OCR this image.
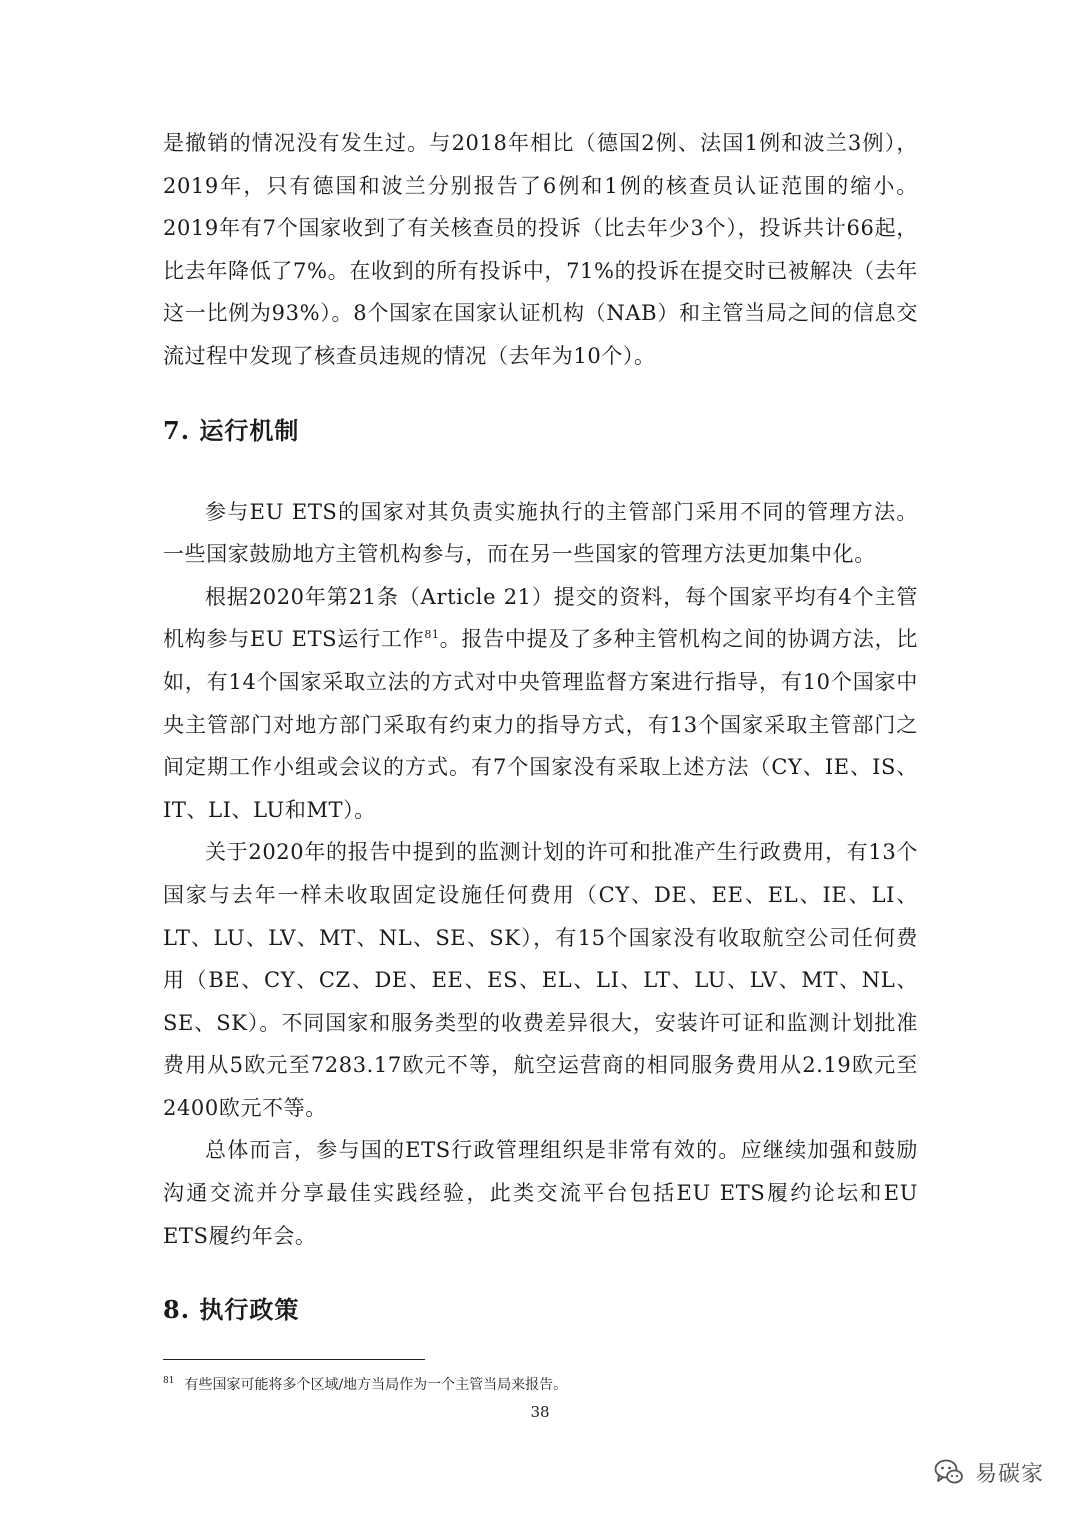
是撤销的情况没有发生过。与2018年相比（德国2例、法国1例和波兰3例），2019年，只有德国和波兰分别报告了6例和1例的核查员认证范围的缩小。2019年有7个国家收到了有关核查员的投诉（比去年少3个），投诉共计66起，比去年降低了7%。在收到的所有投诉中，71%的投诉在提交时已被解决（去年这一比例为93%）。8个国家在国家认证机构（NAB）和主管当局之间的信息交流过程中发现了核查员违规的情况（去年为10个）。

7. 运行机制

参与EU ETS的国家对其负责实施执行的主管部门采用不同的管理方法。一些国家鼓励地方主管机构参与，而在另一些国家的管理方法更加集中化。

根据2020年第21条（Article 21）提交的资料，每个国家平均有4个主管机构参与EU ETS运行工作$^{81}$。报告中提及了多种主管机构之间的协调方法，比如，有14个国家采取立法的方式对中央管理监督方案进行指导，有10个国家中央主管部门对地方部门采取有约束力的指导方式，有13个国家采取主管部门之间定期工作小组或会议的方式。有7个国家没有采取上述方法（CY、IE、IS、IT、LI、LU和MT）。

关于2020年的报告中提到的监测计划的许可和批准产生行政费用，有13个国家与去年一样未收取固定设施任何费用（CY、DE、EE、EL、IE、LI、LT、LU、LV、MT、NL、SE、SK），有15个国家没有收取航空公司任何费用（BE、CY、CZ、DE、EE、ES、EL、LI、LT、LU、LV、MT、NL、SE、SK）。不同国家和服务类型的收费差异很大，安装许可证和监测计划批准费用从5欧元至7283.17欧元不等，航空运营商的相同服务费用从2.19欧元至2400欧元不等。

总体而言，参与国的ETS行政管理组织是非常有效的。应继续加强和鼓励沟通交流并分享最佳实践经验，此类交流平台包括EU ETS履约论坛和EU ETS履约年会。

8. 执行政策
$^{81}$ 有些国家可能将多个区域/地方当局作为一个主管当局来报告。
38
易碳家
